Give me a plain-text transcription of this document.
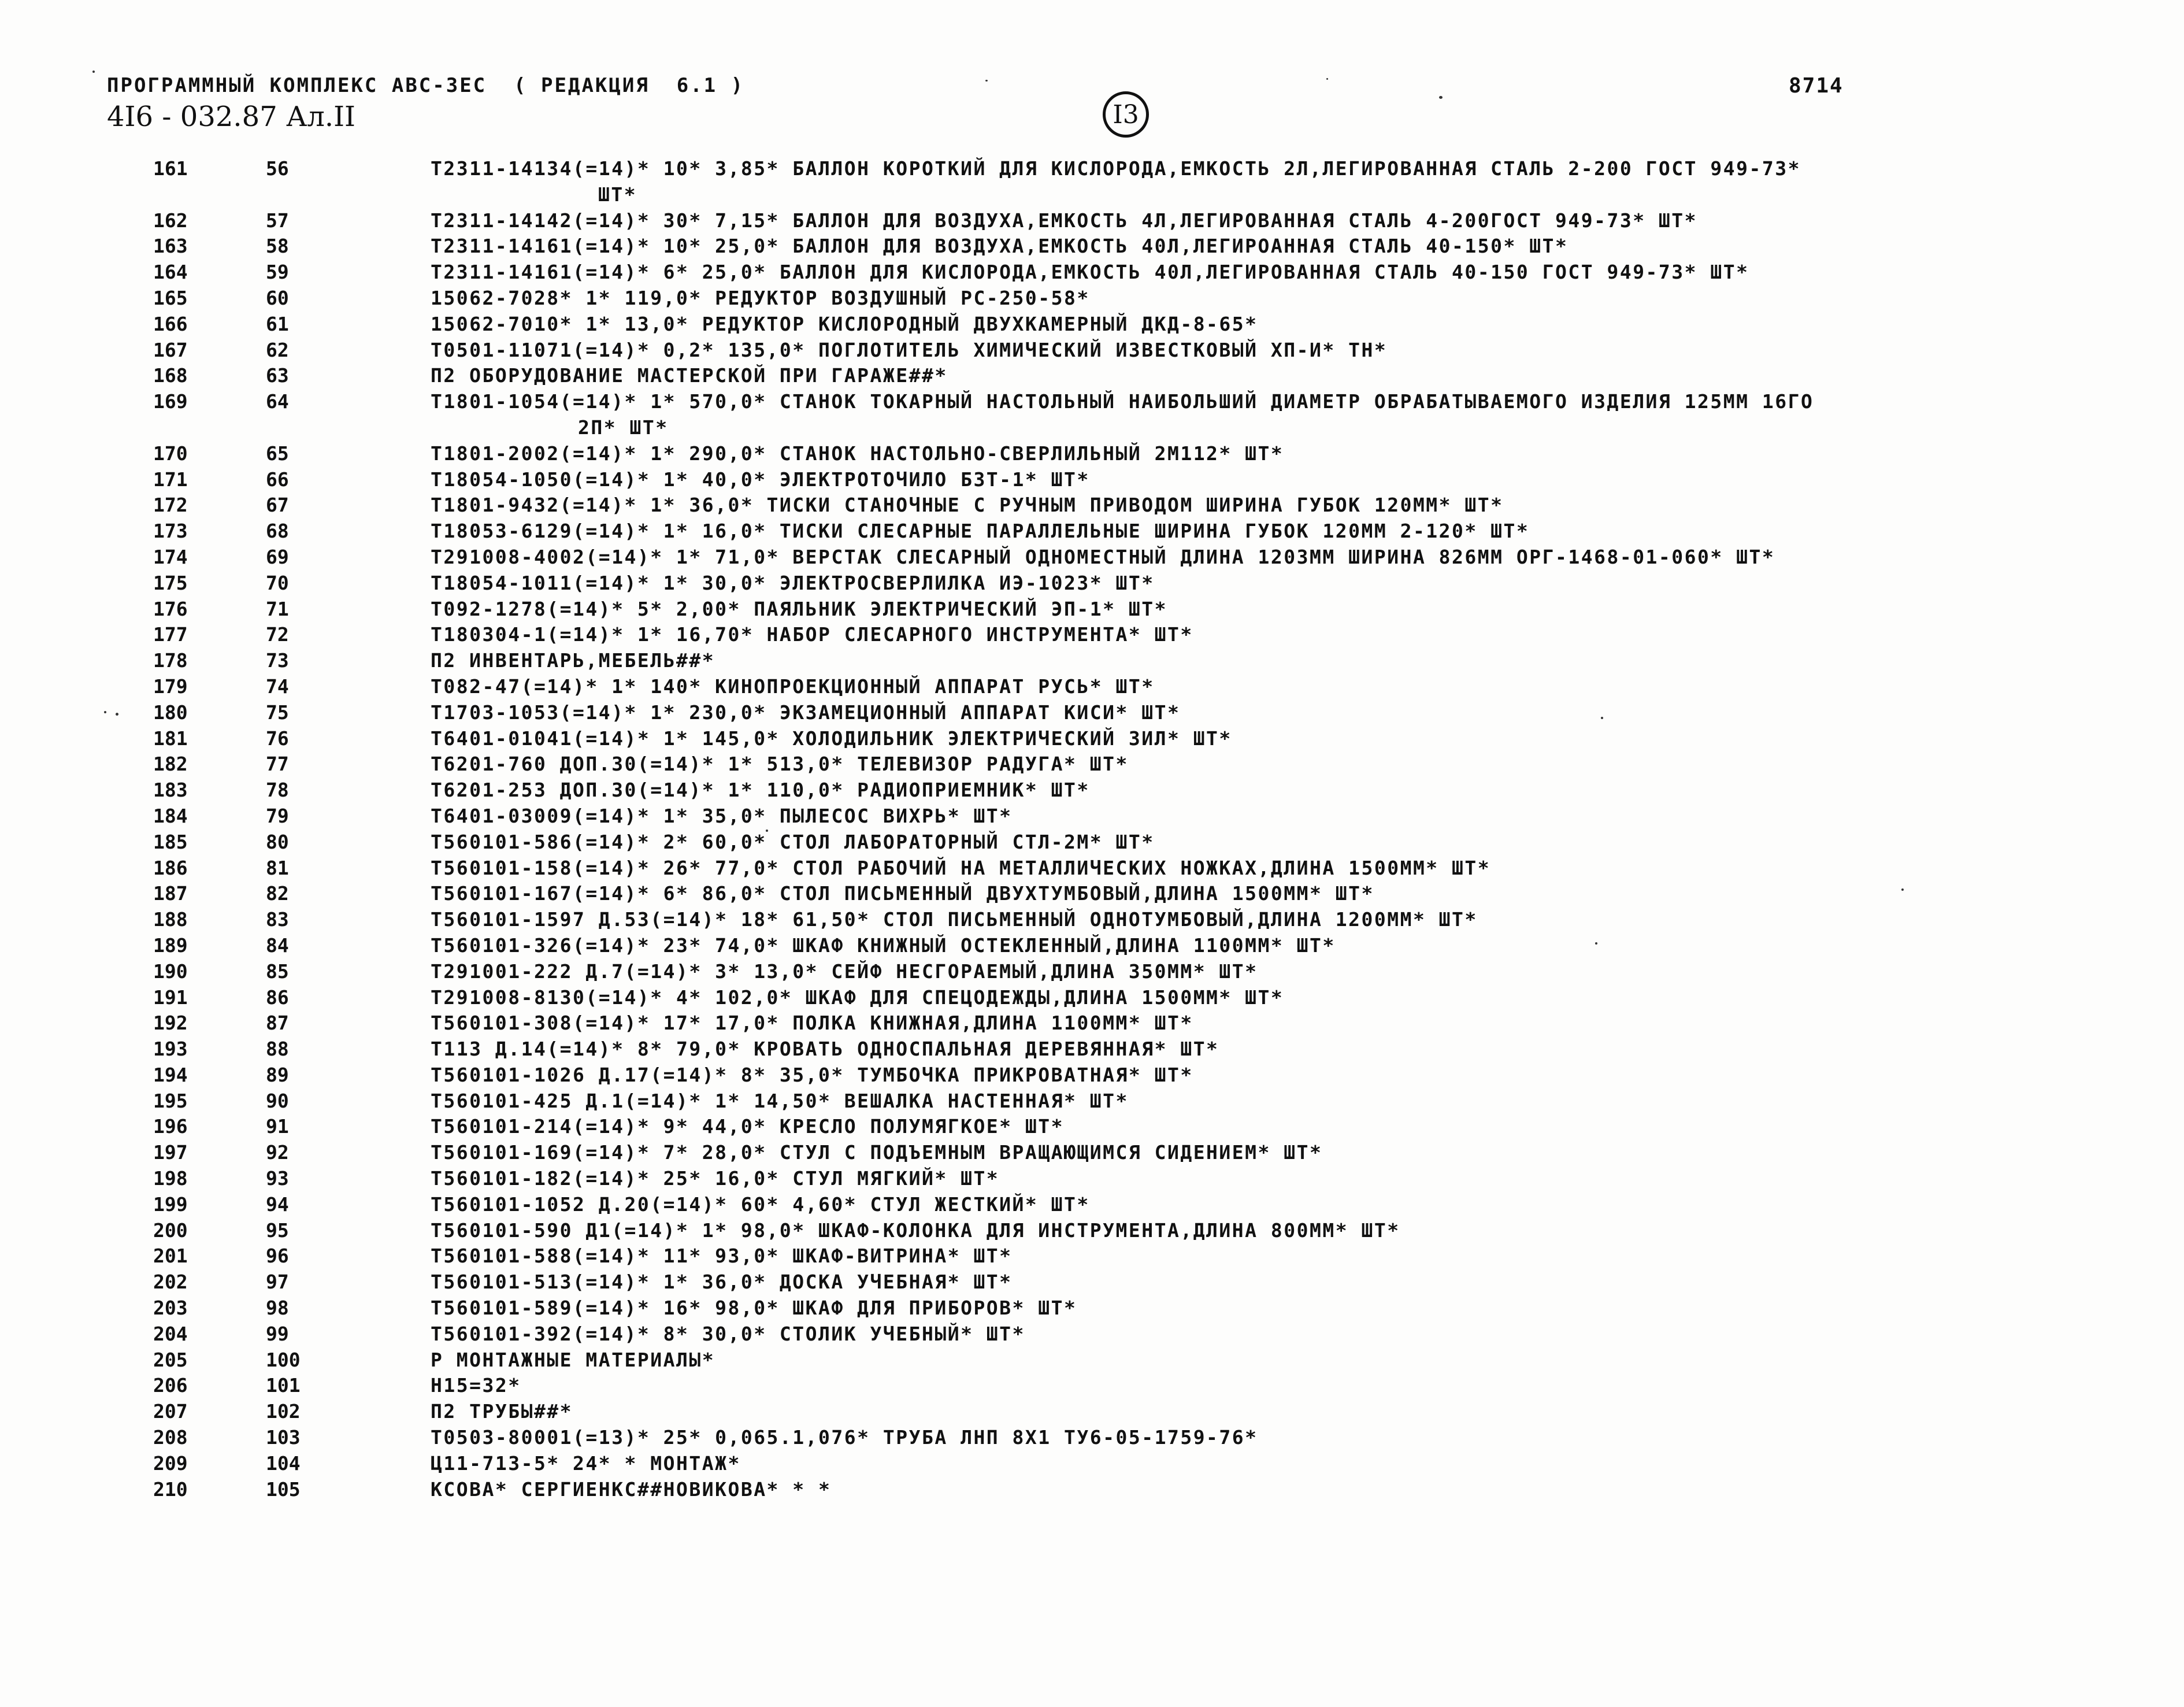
ПРОГРАММНЫЙ КОМПЛЕКС АВС-3ЕС  ( РЕДАКЦИЯ  6.1 )
4I6 - 032.87 Ал.II
8714
I3
161	56	T2311-14134(=14)* 10* 3,85* БАЛЛОН КОРОТКИЙ ДЛЯ КИСЛОРОДА,ЕМКОСТЬ 2Л,ЛЕГИРОВАННАЯ СТАЛЬ 2-200 ГОСТ 949-73*
ШТ*
162	57	T2311-14142(=14)* 30* 7,15* БАЛЛОН ДЛЯ ВОЗДУХА,ЕМКОСТЬ 4Л,ЛЕГИРОВАННАЯ СТАЛЬ 4-200ГОСТ 949-73* ШТ*
163	58	T2311-14161(=14)* 10* 25,0* БАЛЛОН ДЛЯ ВОЗДУХА,ЕМКОСТЬ 40Л,ЛЕГИРОАННАЯ СТАЛЬ 40-150* ШТ*
164	59	T2311-14161(=14)* 6* 25,0* БАЛЛОН ДЛЯ КИСЛОРОДА,ЕМКОСТЬ 40Л,ЛЕГИРОВАННАЯ СТАЛЬ 40-150 ГОСТ 949-73* ШТ*
165	60	15062-7028* 1* 119,0* РЕДУКТОР ВОЗДУШНЫЙ РС-250-58*
166	61	15062-7010* 1* 13,0* РЕДУКТОР КИСЛОРОДНЫЙ ДВУХКАМЕРНЫЙ ДКД-8-65*
167	62	T0501-11071(=14)* 0,2* 135,0* ПОГЛОТИТЕЛЬ ХИМИЧЕСКИЙ ИЗВЕСТКОВЫЙ ХП-И* ТН*
168	63	П2 ОБОРУДОВАНИЕ МАСТЕРСКОЙ ПРИ ГАРАЖЕ##*
169	64	T1801-1054(=14)* 1* 570,0* СТАНОК ТОКАРНЫЙ НАСТОЛЬНЫЙ НАИБОЛЬШИЙ ДИАМЕТР ОБРАБАТЫВАЕМОГО ИЗДЕЛИЯ 125ММ 16ГО
2П* ШТ*
170	65	T1801-2002(=14)* 1* 290,0* СТАНОК НАСТОЛЬНО-СВЕРЛИЛЬНЫЙ 2М112* ШТ*
171	66	T18054-1050(=14)* 1* 40,0* ЭЛЕКТРОТОЧИЛО БЗТ-1* ШТ*
172	67	T1801-9432(=14)* 1* 36,0* ТИСКИ СТАНОЧНЫЕ С РУЧНЫМ ПРИВОДОМ ШИРИНА ГУБОК 120ММ* ШТ*
173	68	T18053-6129(=14)* 1* 16,0* ТИСКИ СЛЕСАРНЫЕ ПАРАЛЛЕЛЬНЫЕ ШИРИНА ГУБОК 120ММ 2-120* ШТ*
174	69	T291008-4002(=14)* 1* 71,0* ВЕРСТАК СЛЕСАРНЫЙ ОДНОМЕСТНЫЙ ДЛИНА 1203ММ ШИРИНА 826ММ ОРГ-1468-01-060* ШТ*
175	70	T18054-1011(=14)* 1* 30,0* ЭЛЕКТРОСВЕРЛИЛКА ИЭ-1023* ШТ*
176	71	T092-1278(=14)* 5* 2,00* ПАЯЛЬНИК ЭЛЕКТРИЧЕСКИЙ ЭП-1* ШТ*
177	72	T180304-1(=14)* 1* 16,70* НАБОР СЛЕСАРНОГО ИНСТРУМЕНТА* ШТ*
178	73	П2 ИНВЕНТАРЬ,МЕБЕЛЬ##*
179	74	T082-47(=14)* 1* 140* КИНОПРОЕКЦИОННЫЙ АППАРАТ РУСЬ* ШТ*
180	75	T1703-1053(=14)* 1* 230,0* ЭКЗАМЕЦИОННЫЙ АППАРАТ КИСИ* ШТ*
181	76	T6401-01041(=14)* 1* 145,0* ХОЛОДИЛЬНИК ЭЛЕКТРИЧЕСКИЙ ЗИЛ* ШТ*
182	77	T6201-760 ДОП.30(=14)* 1* 513,0* ТЕЛЕВИЗОР РАДУГА* ШТ*
183	78	T6201-253 ДОП.30(=14)* 1* 110,0* РАДИОПРИЕМНИК* ШТ*
184	79	T6401-03009(=14)* 1* 35,0* ПЫЛЕСОС ВИХРЬ* ШТ*
185	80	T560101-586(=14)* 2* 60,0* СТОЛ ЛАБОРАТОРНЫЙ СТЛ-2М* ШТ*
186	81	T560101-158(=14)* 26* 77,0* СТОЛ РАБОЧИЙ НА МЕТАЛЛИЧЕСКИХ НОЖКАХ,ДЛИНА 1500ММ* ШТ*
187	82	T560101-167(=14)* 6* 86,0* СТОЛ ПИСЬМЕННЫЙ ДВУХТУМБОВЫЙ,ДЛИНА 1500ММ* ШТ*
188	83	T560101-1597 Д.53(=14)* 18* 61,50* СТОЛ ПИСЬМЕННЫЙ ОДНОТУМБОВЫЙ,ДЛИНА 1200ММ* ШТ*
189	84	T560101-326(=14)* 23* 74,0* ШКАФ КНИЖНЫЙ ОСТЕКЛЕННЫЙ,ДЛИНА 1100ММ* ШТ*
190	85	T291001-222 Д.7(=14)* 3* 13,0* СЕЙФ НЕСГОРАЕМЫЙ,ДЛИНА 350ММ* ШТ*
191	86	T291008-8130(=14)* 4* 102,0* ШКАФ ДЛЯ СПЕЦОДЕЖДЫ,ДЛИНА 1500ММ* ШТ*
192	87	T560101-308(=14)* 17* 17,0* ПОЛКА КНИЖНАЯ,ДЛИНА 1100ММ* ШТ*
193	88	T113 Д.14(=14)* 8* 79,0* КРОВАТЬ ОДНОСПАЛЬНАЯ ДЕРЕВЯННАЯ* ШТ*
194	89	T560101-1026 Д.17(=14)* 8* 35,0* ТУМБОЧКА ПРИКРОВАТНАЯ* ШТ*
195	90	T560101-425 Д.1(=14)* 1* 14,50* ВЕШАЛКА НАСТЕННАЯ* ШТ*
196	91	T560101-214(=14)* 9* 44,0* КРЕСЛО ПОЛУМЯГКОЕ* ШТ*
197	92	T560101-169(=14)* 7* 28,0* СТУЛ С ПОДЪЕМНЫМ ВРАЩАЮЩИМСЯ СИДЕНИЕМ* ШТ*
198	93	T560101-182(=14)* 25* 16,0* СТУЛ МЯГКИЙ* ШТ*
199	94	T560101-1052 Д.20(=14)* 60* 4,60* СТУЛ ЖЕСТКИЙ* ШТ*
200	95	T560101-590 Д1(=14)* 1* 98,0* ШКАФ-КОЛОНКА ДЛЯ ИНСТРУМЕНТА,ДЛИНА 800ММ* ШТ*
201	96	T560101-588(=14)* 11* 93,0* ШКАФ-ВИТРИНА* ШТ*
202	97	T560101-513(=14)* 1* 36,0* ДОСКА УЧЕБНАЯ* ШТ*
203	98	T560101-589(=14)* 16* 98,0* ШКАФ ДЛЯ ПРИБОРОВ* ШТ*
204	99	T560101-392(=14)* 8* 30,0* СТОЛИК УЧЕБНЫЙ* ШТ*
205	100	Р МОНТАЖНЫЕ МАТЕРИАЛЫ*
206	101	Н15=32*
207	102	П2 ТРУБЫ##*
208	103	T0503-80001(=13)* 25* 0,065.1,076* ТРУБА ЛНП 8Х1 ТУ6-05-1759-76*
209	104	Ц11-713-5* 24* * МОНТАЖ*
210	105	КСОВА* СЕРГИЕНКС##НОВИКОВА* * *
